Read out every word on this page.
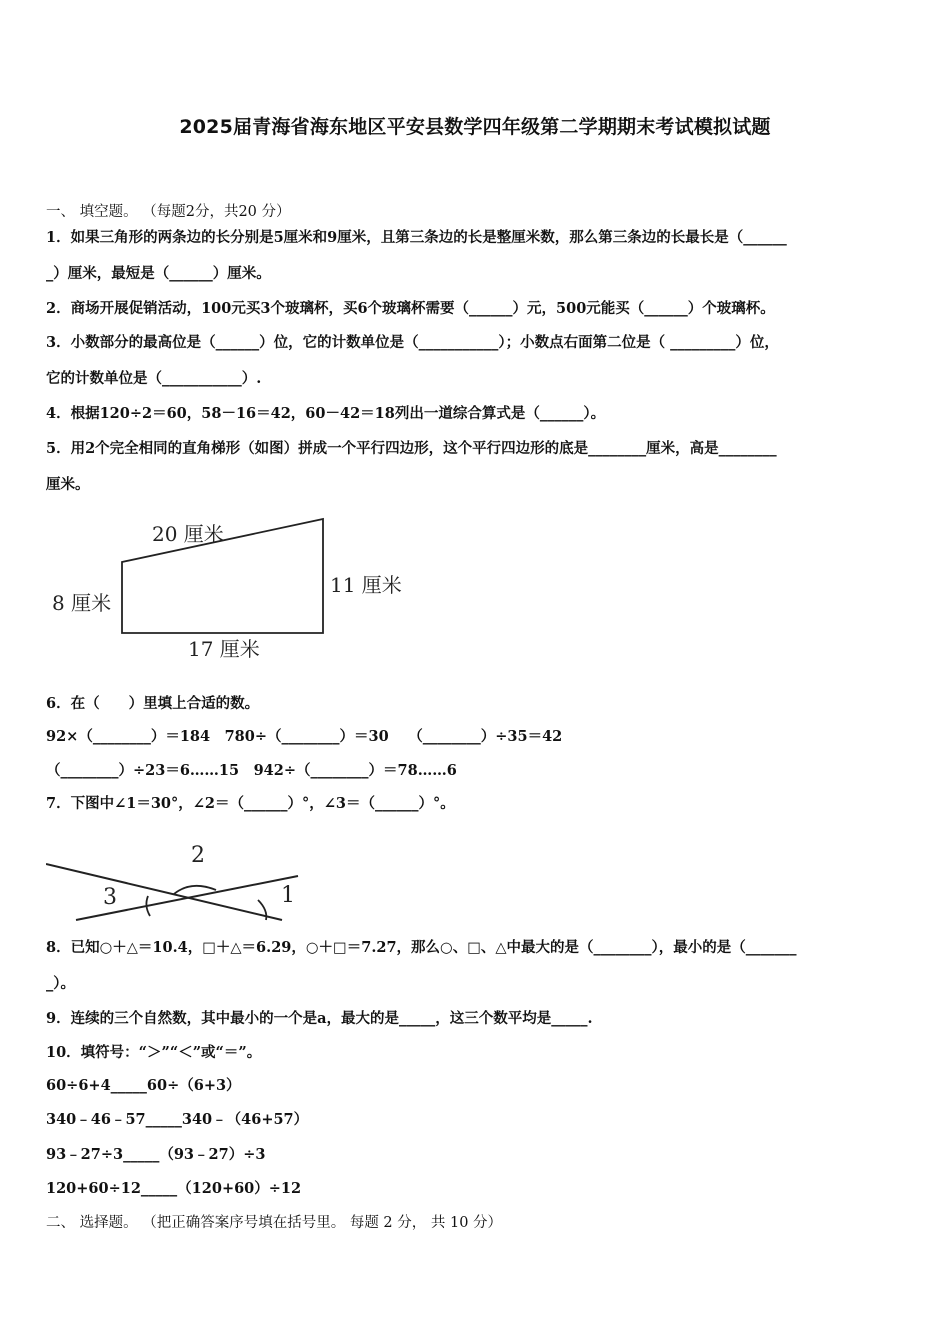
2025届青海省海东地区平安县数学四年级第二学期期末考试模拟试题
一、 填空题。 （每题2分，共20 分）
1．如果三角形的两条边的长分别是5厘米和9厘米，且第三条边的长是整厘米数，那么第三条边的长最长是（______
_）厘米，最短是（______）厘米。
2．商场开展促销活动，100元买3个玻璃杯，买6个玻璃杯需要（______）元，500元能买（______）个玻璃杯。
3．小数部分的最高位是（______）位，它的计数单位是（___________）；小数点右面第二位是（ _________）位，
它的计数单位是（___________）.
4．根据120÷2＝60，58－16＝42，60－42＝18列出一道综合算式是（______）。
5．用2个完全相同的直角梯形（如图）拼成一个平行四边形，这个平行四边形的底是________厘米，高是________
厘米。
20 厘米
8 厘米
11 厘米
17 厘米
6．在（　　）里填上合适的数。
92×（________）＝184　780÷（________）＝30　 （________）÷35＝42
（________）÷23＝6……15　942÷（________）＝78……6
7．下图中∠1＝30°，∠2＝（______）°，∠3＝（______）°。
1
2
3
8．已知○＋△＝10.4，□＋△＝6.29，○＋□＝7.27，那么○、□、△中最大的是（________），最小的是（_______
_）。
9．连续的三个自然数，其中最小的一个是a，最大的是_____，这三个数平均是_____.
10．填符号：“＞”“＜”或“＝”。
60÷6+4_____60÷（6+3）
340﹣46﹣57_____340﹣（46+57）
93﹣27÷3_____（93﹣27）÷3
120+60÷12_____（120+60）÷12
二、 选择题。 （把正确答案序号填在括号里。 每题 2 分， 共 10 分）
